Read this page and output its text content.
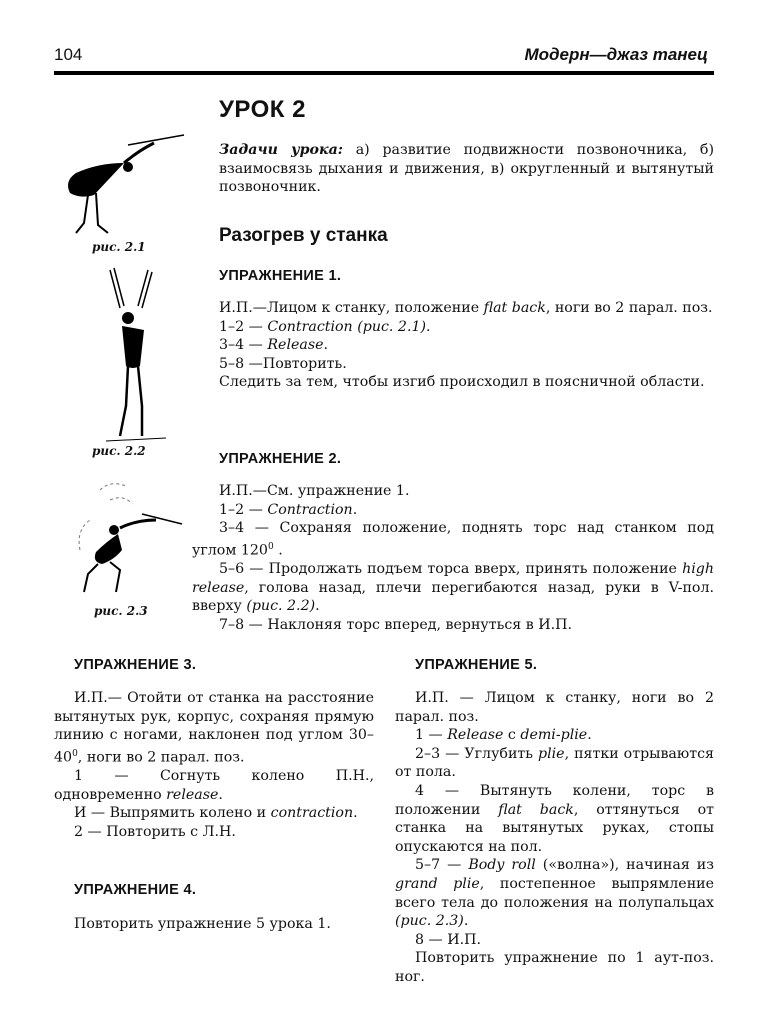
104	Модерн—джаз танец
УРОК 2

Задачи урока: а) развитие подвижности позвоночника, б) взаимосвязь дыхания и движения, в) округленный и вытянутый позвоночник.

Разогрев у станка
рис. 2.1
рис. 2.2
рис. 2.3
УПРАЖНЕНИЕ 1.

И.П.—Лицом к станку, положение flat back, ноги во 2 парал. поз.

1–2 — Contraction (рис. 2.1).

3–4 — Release.

5–8 —Повторить.

Следить за тем, чтобы изгиб происходил в поясничной области.

УПРАЖНЕНИЕ 2.

И.П.—См. упражнение 1.

1–2 — Contraction.

3–4 — Сохраняя положение, поднять торс над станком под углом $120^0$ .

5–6 — Продолжать подъем торса вверх, принять положение high release, голова назад, плечи перегибаются назад, руки в V-пол. вверху (рис. 2.2).

7–8 — Наклоняя торс вперед, вернуться в И.П.

УПРАЖНЕНИЕ 3.

И.П.— Отойти от станка на расстояние вытянутых рук, корпус, сохраняя прямую линию с ногами, наклонен под углом $30-40^0$, ноги во 2 парал. поз.

1 — Согнуть колено П.Н., одновременно release.

И — Выпрямить колено и contraction.

2 — Повторить с Л.Н.

УПРАЖНЕНИЕ 4.

Повторить упражнение 5 урока 1.

УПРАЖНЕНИЕ 5.

И.П. — Лицом к станку, ноги во 2 парал. поз.

1 — Release с demi-plie.

2–3 — Углубить plie, пятки отрываются от пола.

4 — Вытянуть колени, торс в положении flat back, оттянуться от станка на вытянутых руках, стопы опускаются на пол.

5–7 — Body roll («волна»), начиная из grand plie, постепенное выпрямление всего тела до положения на полупальцах (рис. 2.3).

8 — И.П.

Повторить упражнение по 1 аут-поз. ног.
